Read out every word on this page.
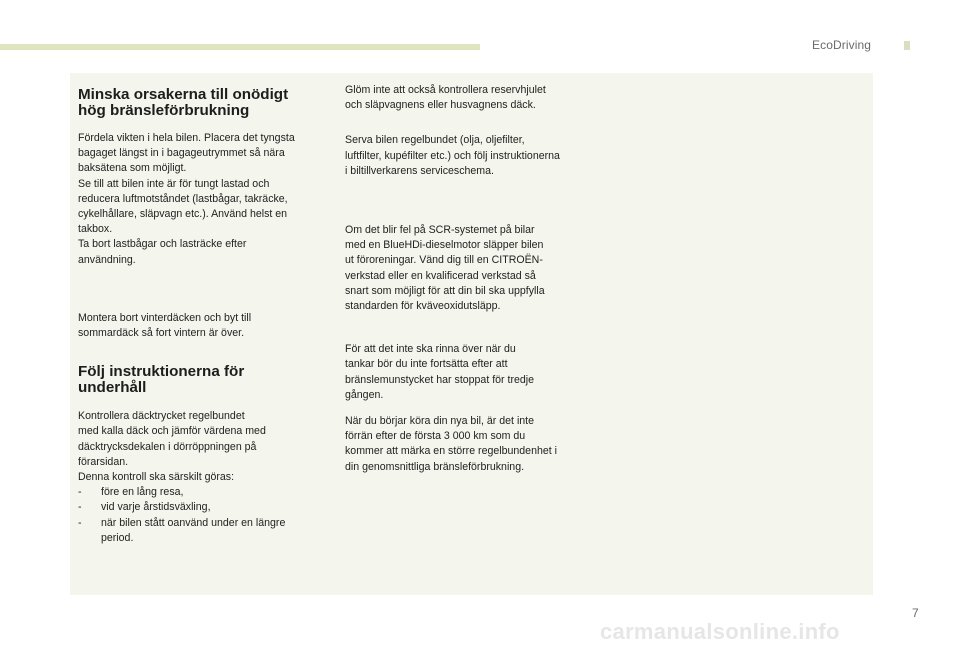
EcoDriving
Minska orsakerna till onödigt
hög bränsleförbrukning

Fördela vikten i hela bilen. Placera det tyngsta
bagaget längst in i bagageutrymmet så nära
baksätena som möjligt.
Se till att bilen inte är för tungt lastad och
reducera luftmotståndet (lastbågar, takräcke,
cykelhållare, släpvagn etc.). Använd helst en
takbox.
Ta bort lastbågar och lasträcke efter
användning.

Montera bort vinterdäcken och byt till
sommardäck så fort vintern är över.

Följ instruktionerna för
underhåll

Kontrollera däcktrycket regelbundet
med kalla däck och jämför värdena med
däcktrycksdekalen i dörröppningen på
förarsidan.
Denna kontroll ska särskilt göras:

- före en lång resa,
- vid varje årstidsväxling,
- när bilen stått oanvänd under en längre
period.

Glöm inte att också kontrollera reservhjulet
och släpvagnens eller husvagnens däck.

Serva bilen regelbundet (olja, oljefilter,
luftfilter, kupéfilter etc.) och följ instruktionerna
i biltillverkarens serviceschema.

Om det blir fel på SCR-systemet på bilar
med en BlueHDi-dieselmotor släpper bilen
ut föroreningar. Vänd dig till en CITROËN-
verkstad eller en kvalificerad verkstad så
snart som möjligt för att din bil ska uppfylla
standarden för kväveoxidutsläpp.

För att det inte ska rinna över när du
tankar bör du inte fortsätta efter att
bränslemunstycket har stoppat för tredje
gången.

När du börjar köra din nya bil, är det inte
förrän efter de första 3 000 km som du
kommer att märka en större regelbundenhet i
din genomsnittliga bränsleförbrukning.

7
carmanualsonline.info
